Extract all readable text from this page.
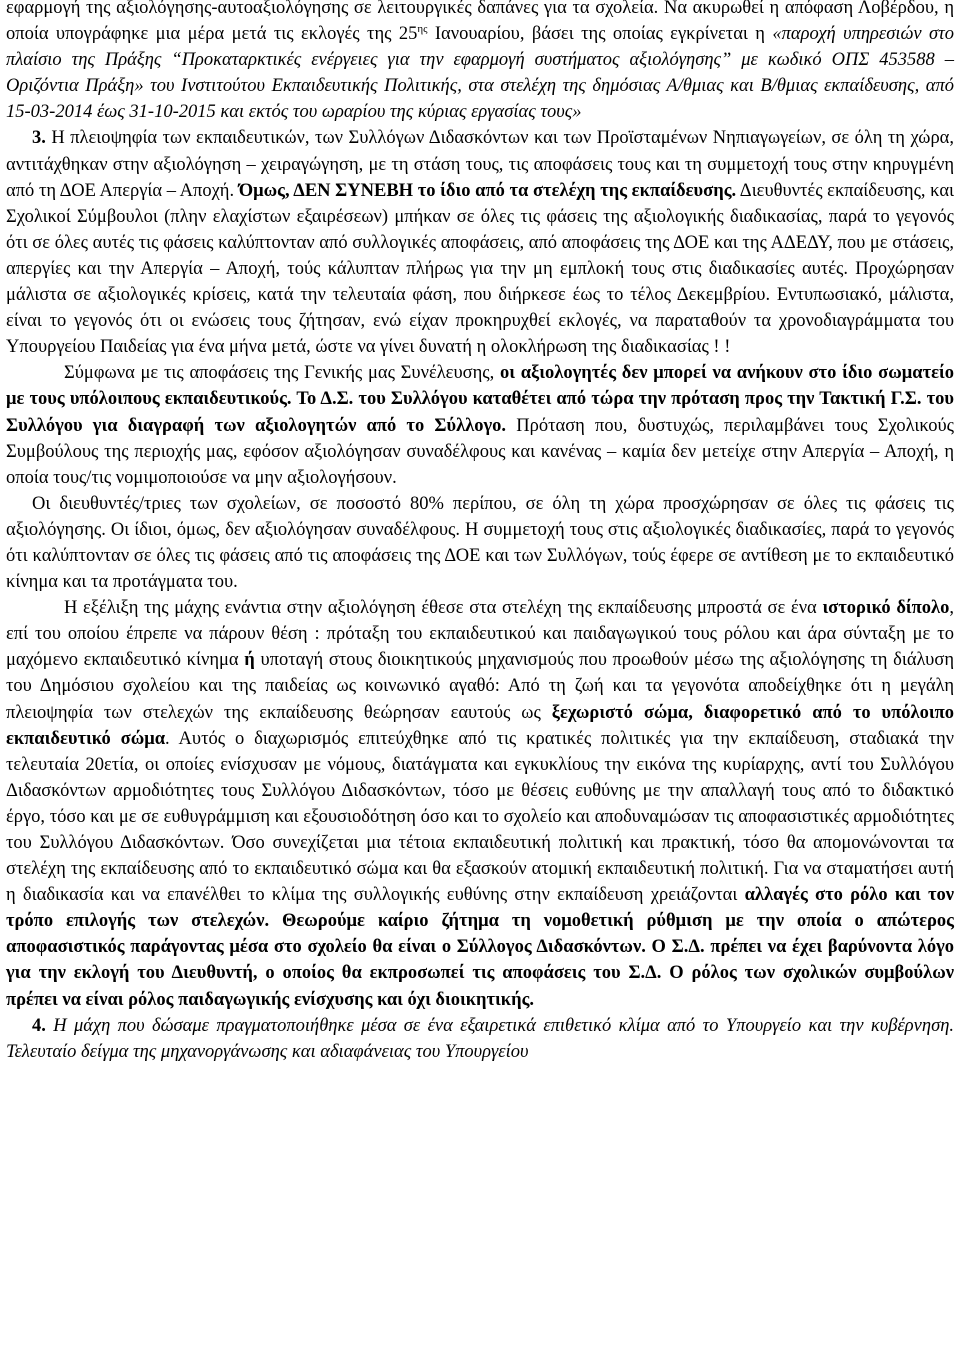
εφαρμογή της αξιολόγησης-αυτοαξιολόγησης σε λειτουργικές δαπάνες για τα σχολεία. Να ακυρωθεί η απόφαση Λοβέρδου, η οποία υπογράφηκε μια μέρα μετά τις εκλογές της $25^{\eta\varsigma}$ Ιανουαρίου, βάσει της οποίας εγκρίνεται η «παροχή υπηρεσιών στο πλαίσιο της Πράξης “Προκαταρκτικές ενέργειες για την εφαρμογή συστήματος αξιολόγησης” με κωδικό ΟΠΣ 453588 – Οριζόντια Πράξη» του Ινστιτούτου Εκπαιδευτικής Πολιτικής, στα στελέχη της δημόσιας Α/θμιας και Β/θμιας εκπαίδευσης, από 15-03-2014 έως 31-10-2015 και εκτός του ωραρίου της κύριας εργασίας τους»

3. Η πλειοψηφία των εκπαιδευτικών, των Συλλόγων Διδασκόντων και των Προϊσταμένων Νηπιαγωγείων, σε όλη τη χώρα, αντιτάχθηκαν στην αξιολόγηση – χειραγώγηση, με τη στάση τους, τις αποφάσεις τους και τη συμμετοχή τους στην κηρυγμένη από τη ΔΟΕ Απεργία – Αποχή. Όμως, ΔΕΝ ΣΥΝΕΒΗ το ίδιο από τα στελέχη της εκπαίδευσης. Διευθυντές εκπαίδευσης, και Σχολικοί Σύμβουλοι (πλην ελαχίστων εξαιρέσεων) μπήκαν σε όλες τις φάσεις της αξιολογικής διαδικασίας, παρά το γεγονός ότι σε όλες αυτές τις φάσεις καλύπτονταν από συλλογικές αποφάσεις, από αποφάσεις της ΔΟΕ και της ΑΔΕΔΥ, που με στάσεις, απεργίες και την Απεργία – Αποχή, τούς κάλυπταν πλήρως για την μη εμπλοκή τους στις διαδικασίες αυτές. Προχώρησαν μάλιστα σε αξιολογικές κρίσεις, κατά την τελευταία φάση, που διήρκεσε έως το τέλος Δεκεμβρίου. Εντυπωσιακό, μάλιστα, είναι το γεγονός ότι οι ενώσεις τους ζήτησαν, ενώ είχαν προκηρυχθεί εκλογές, να παραταθούν τα χρονοδιαγράμματα του Υπουργείου Παιδείας για ένα μήνα μετά, ώστε να γίνει δυνατή η ολοκλήρωση της διαδικασίας ! !

Σύμφωνα με τις αποφάσεις της Γενικής μας Συνέλευσης, οι αξιολογητές δεν μπορεί να ανήκουν στο ίδιο σωματείο με τους υπόλοιπους εκπαιδευτικούς. Το Δ.Σ. του Συλλόγου καταθέτει από τώρα την πρόταση προς την Τακτική Γ.Σ. του Συλλόγου για διαγραφή των αξιολογητών από το Σύλλογο. Πρόταση που, δυστυχώς, περιλαμβάνει τους Σχολικούς Συμβούλους της περιοχής μας, εφόσον αξιολόγησαν συναδέλφους και κανένας – καμία δεν μετείχε στην Απεργία – Αποχή, η οποία τους/τις νομιμοποιούσε να μην αξιολογήσουν.

Οι διευθυντές/τριες των σχολείων, σε ποσοστό 80% περίπου, σε όλη τη χώρα προσχώρησαν σε όλες τις φάσεις τις αξιολόγησης. Οι ίδιοι, όμως, δεν αξιολόγησαν συναδέλφους. Η συμμετοχή τους στις αξιολογικές διαδικασίες, παρά το γεγονός ότι καλύπτονταν σε όλες τις φάσεις από τις αποφάσεις της ΔΟΕ και των Συλλόγων, τούς έφερε σε αντίθεση με το εκπαιδευτικό κίνημα και τα προτάγματα του.

Η εξέλιξη της μάχης ενάντια στην αξιολόγηση έθεσε στα στελέχη της εκπαίδευσης μπροστά σε ένα ιστορικό δίπολο, επί του οποίου έπρεπε να πάρουν θέση : πρόταξη του εκπαιδευτικού και παιδαγωγικού τους ρόλου και άρα σύνταξη με το μαχόμενο εκπαιδευτικό κίνημα ή υποταγή στους διοικητικούς μηχανισμούς που προωθούν μέσω της αξιολόγησης τη διάλυση του Δημόσιου σχολείου και της παιδείας ως κοινωνικό αγαθό: Από τη ζωή και τα γεγονότα αποδείχθηκε ότι η μεγάλη πλειοψηφία των στελεχών της εκπαίδευσης θεώρησαν εαυτούς ως ξεχωριστό σώμα, διαφορετικό από το υπόλοιπο εκπαιδευτικό σώμα. Αυτός ο διαχωρισμός επιτεύχθηκε από τις κρατικές πολιτικές για την εκπαίδευση, σταδιακά την τελευταία 20ετία, οι οποίες ενίσχυσαν με νόμους, διατάγματα και εγκυκλίους την εικόνα της κυρίαρχης, αντί του Συλλόγου Διδασκόντων αρμοδιότητες τους Συλλόγου Διδασκόντων, τόσο με θέσεις ευθύνης με την απαλλαγή τους από το διδακτικό έργο, τόσο και με σε ευθυγράμμιση και εξουσιοδότηση όσο και το σχολείο και αποδυναμώσαν τις αποφασιστικές αρμοδιότητες του Συλλόγου Διδασκόντων. Όσο συνεχίζεται μια τέτοια εκπαιδευτική πολιτική και πρακτική, τόσο θα απομονώνονται τα στελέχη της εκπαίδευσης από το εκπαιδευτικό σώμα και θα εξασκούν ατομική εκπαιδευτική πολιτική. Για να σταματήσει αυτή η διαδικασία και να επανέλθει το κλίμα της συλλογικής ευθύνης στην εκπαίδευση χρειάζονται αλλαγές στο ρόλο και τον τρόπο επιλογής των στελεχών. Θεωρούμε καίριο ζήτημα τη νομοθετική ρύθμιση με την οποία ο απώτερος αποφασιστικός παράγοντας μέσα στο σχολείο θα είναι ο Σύλλογος Διδασκόντων. Ο Σ.Δ. πρέπει να έχει βαρύνοντα λόγο για την εκλογή του Διευθυντή, ο οποίος θα εκπροσωπεί τις αποφάσεις του Σ.Δ. Ο ρόλος των σχολικών συμβούλων πρέπει να είναι ρόλος παιδαγωγικής ενίσχυσης και όχι διοικητικής.

4. Η μάχη που δώσαμε πραγματοποιήθηκε μέσα σε ένα εξαιρετικά επιθετικό κλίμα από το Υπουργείο και την κυβέρνηση. Τελευταίο δείγμα της μηχανοργάνωσης και αδιαφάνειας του Υπουργείου
